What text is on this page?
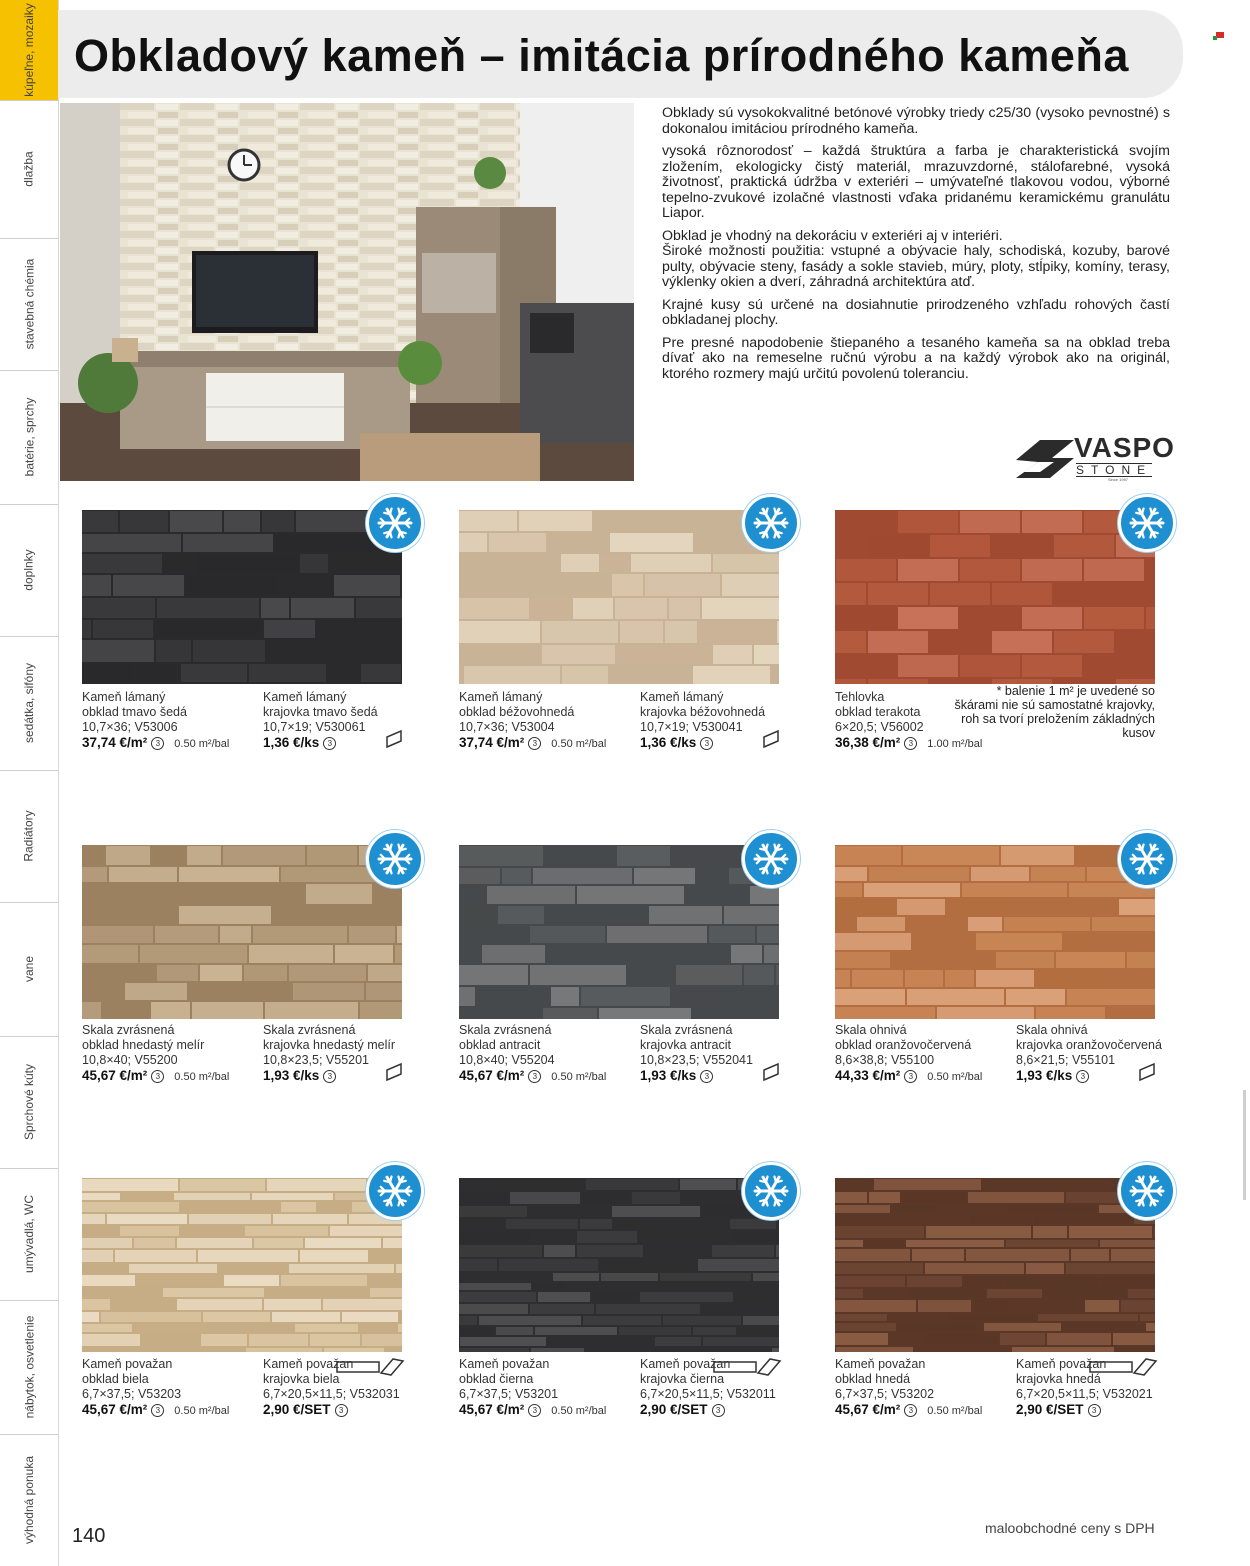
kúpeľne, mozaiky
dlažba
stavebná chémia
batérie, sprchy
doplnky
sedátka, sifóny
Radiátory
vane
Sprchové kúty
umývadlá, WC
nábytok, osvetlenie
výhodná ponuka
Obkladový kameň – imitácia prírodného kameňa

Obklady sú vysokokvalitné betónové výrobky triedy c25/30 (vysoko pevnostné) s dokonalou imitáciou prírodného kameňa.

vysoká rôznorodosť – každá štruktúra a farba je charakteristická svojím zložením, ekologicky čistý materiál, mrazuvzdorné, stálofarebné, vysoká životnosť, praktická údržba v exteriéri – umývateľné tlakovou vodou, výborné tepelno-zvukové izolačné vlastnosti vďaka pridanému keramickému granulátu Liapor.

Obklad je vhodný na dekoráciu v exteriéri aj v interiéri.

Široké možnosti použitia: vstupné a obývacie haly, schodiská, kozuby, barové pulty, obývacie steny, fasády a sokle stavieb, múry, ploty, stĺpiky, komíny, terasy, výklenky okien a dverí, záhradná architektúra atď.

Krajné kusy sú určené na dosiahnutie prirodzeného vzhľadu rohových častí obkladanej plochy.

Pre presné napodobenie štiepaného a tesaného kameňa sa na obklad treba dívať ako na remeselne ručnú výrobu a na každý výrobok ako na originál, ktorého rozmery majú určitú povolenú toleranciu.

VASPO
STONE
Since 1997
Kameň lámaný
obklad tmavo šedá
10,7×36; V53006
37,74 €/m² 3 0.50 m²/bal
Kameň lámaný
krajovka tmavo šedá
10,7×19; V530061
1,36 €/ks 3
Kameň lámaný
obklad béžovohnedá
10,7×36; V53004
37,74 €/m² 3 0.50 m²/bal
Kameň lámaný
krajovka béžovohnedá
10,7×19; V530041
1,36 €/ks 3
Tehlovka
obklad terakota
6×20,5; V56002
36,38 €/m² 3 1.00 m²/bal
Skala zvrásnená
obklad hnedastý melír
10,8×40; V55200
45,67 €/m² 3 0.50 m²/bal
Skala zvrásnená
krajovka hnedastý melír
10,8×23,5; V55201
1,93 €/ks 3
Skala zvrásnená
obklad antracit
10,8×40; V55204
45,67 €/m² 3 0.50 m²/bal
Skala zvrásnená
krajovka antracit
10,8×23,5; V552041
1,93 €/ks 3
Skala ohnivá
obklad oranžovočervená
8,6×38,8; V55100
44,33 €/m² 3 0.50 m²/bal
Skala ohnivá
krajovka oranžovočervená
8,6×21,5; V55101
1,93 €/ks 3
Kameň považan
obklad biela
6,7×37,5; V53203
45,67 €/m² 3 0.50 m²/bal
Kameň považan
krajovka biela
6,7×20,5×11,5; V532031
2,90 €/SET 3
Kameň považan
obklad čierna
6,7×37,5; V53201
45,67 €/m² 3 0.50 m²/bal
Kameň považan
krajovka čierna
6,7×20,5×11,5; V532011
2,90 €/SET 3
Kameň považan
obklad hnedá
6,7×37,5; V53202
45,67 €/m² 3 0.50 m²/bal
Kameň považan
krajovka hnedá
6,7×20,5×11,5; V532021
2,90 €/SET 3
* balenie 1 m² je uvedené so škárami nie sú samostatné krajovky, roh sa tvorí preložením základných kusov
140	maloobchodné ceny s DPH
